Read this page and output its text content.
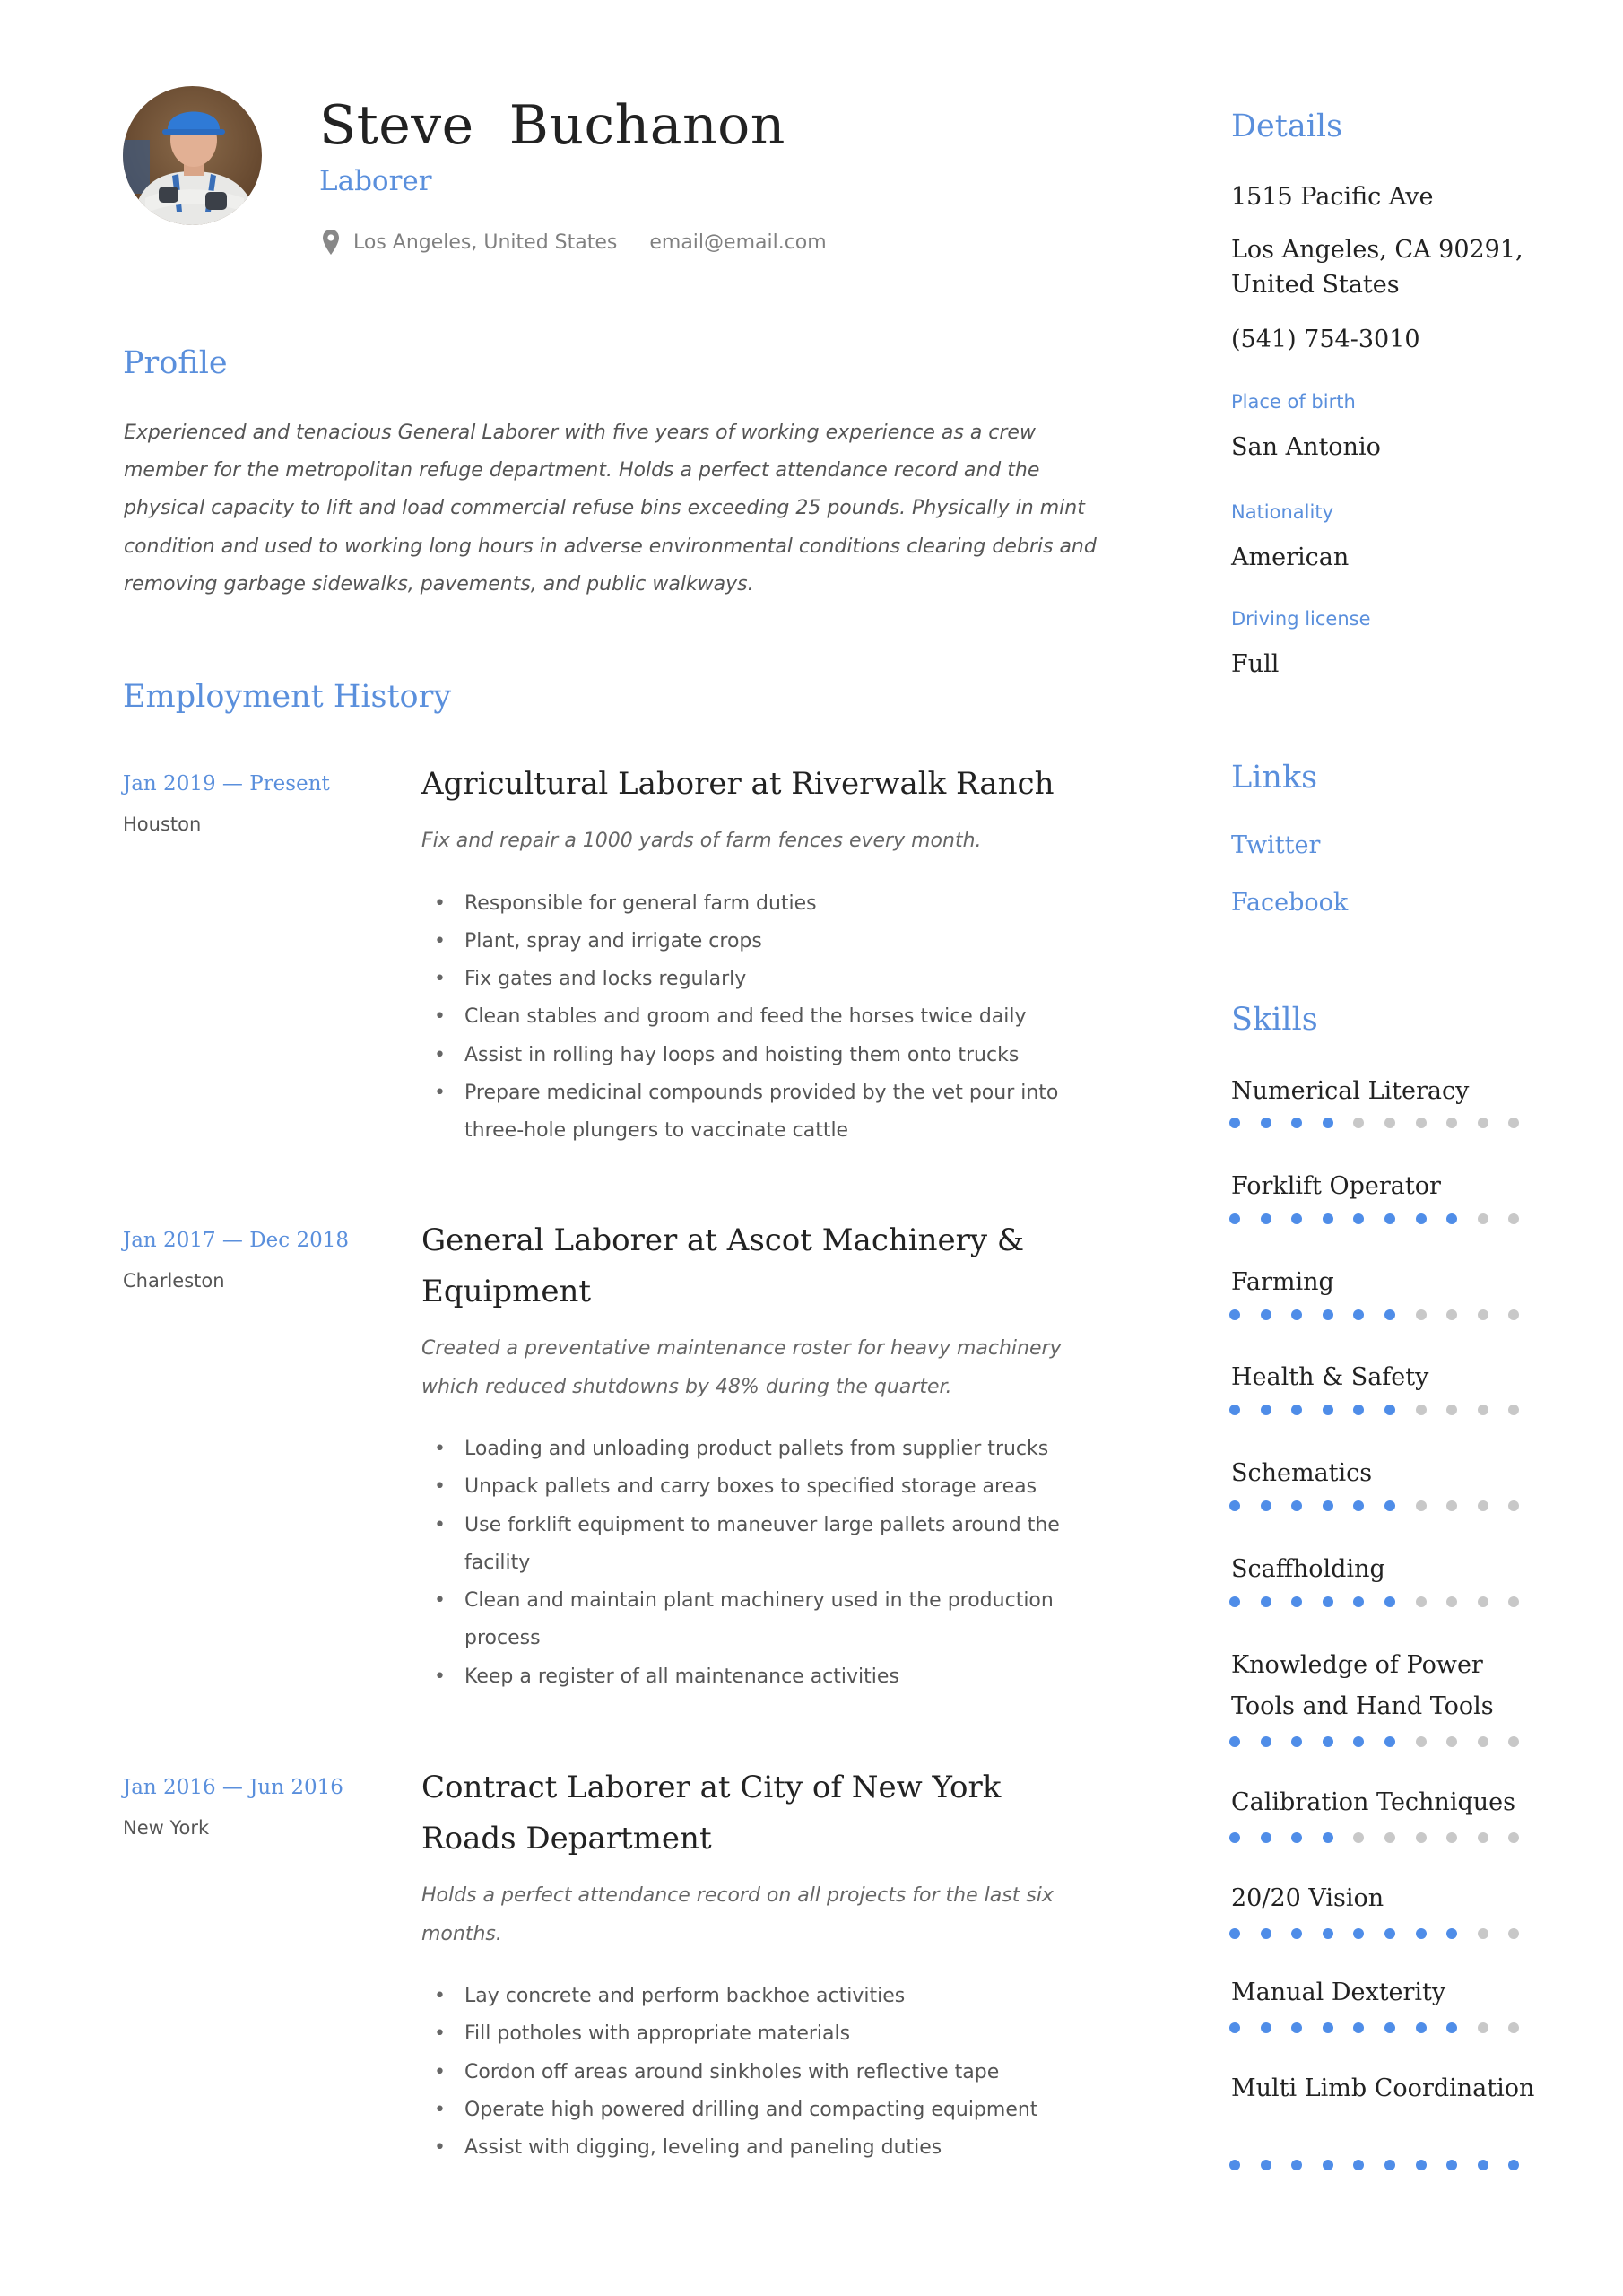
Steve  Buchanon
Laborer
Los Angeles, United States email@email.com
Profile
Experienced and tenacious General Laborer with five years of working experience as a crew member for the metropolitan refuge department. Holds a perfect attendance record and the physical capacity to lift and load commercial refuse bins exceeding 25 pounds. Physically in mint condition and used to working long hours in adverse environmental conditions clearing debris and removing garbage sidewalks, pavements, and public walkways.
Employment History
Jan 2019 — Present
Houston
Agricultural Laborer at Riverwalk Ranch
Fix and repair a 1000 yards of farm fences every month.
• Responsible for general farm duties
• Plant, spray and irrigate crops
• Fix gates and locks regularly
• Clean stables and groom and feed the horses twice daily
• Assist in rolling hay loops and hoisting them onto trucks
• Prepare medicinal compounds provided by the vet pour into three-hole plungers to vaccinate cattle
Jan 2017 — Dec 2018
Charleston
General Laborer at Ascot Machinery & Equipment
Created a preventative maintenance roster for heavy machinery which reduced shutdowns by 48% during the quarter.
• Loading and unloading product pallets from supplier trucks
• Unpack pallets and carry boxes to specified storage areas
• Use forklift equipment to maneuver large pallets around the facility
• Clean and maintain plant machinery used in the production process
• Keep a register of all maintenance activities
Jan 2016 — Jun 2016
New York
Contract Laborer at City of New York Roads Department
Holds a perfect attendance record on all projects for the last six months.
• Lay concrete and perform backhoe activities
• Fill potholes with appropriate materials
• Cordon off areas around sinkholes with reflective tape
• Operate high powered drilling and compacting equipment
• Assist with digging, leveling and paneling duties
Details
1515 Pacific Ave
Los Angeles, CA 90291,
United States
(541) 754-3010
Place of birth
San Antonio
Nationality
American
Driving license
Full
Links
Twitter
Facebook
Skills
Numerical Literacy
Forklift Operator
Farming
Health & Safety
Schematics
Scaffholding
Knowledge of Power Tools and Hand Tools
Calibration Techniques
20/20 Vision
Manual Dexterity
Multi Limb Coordination
